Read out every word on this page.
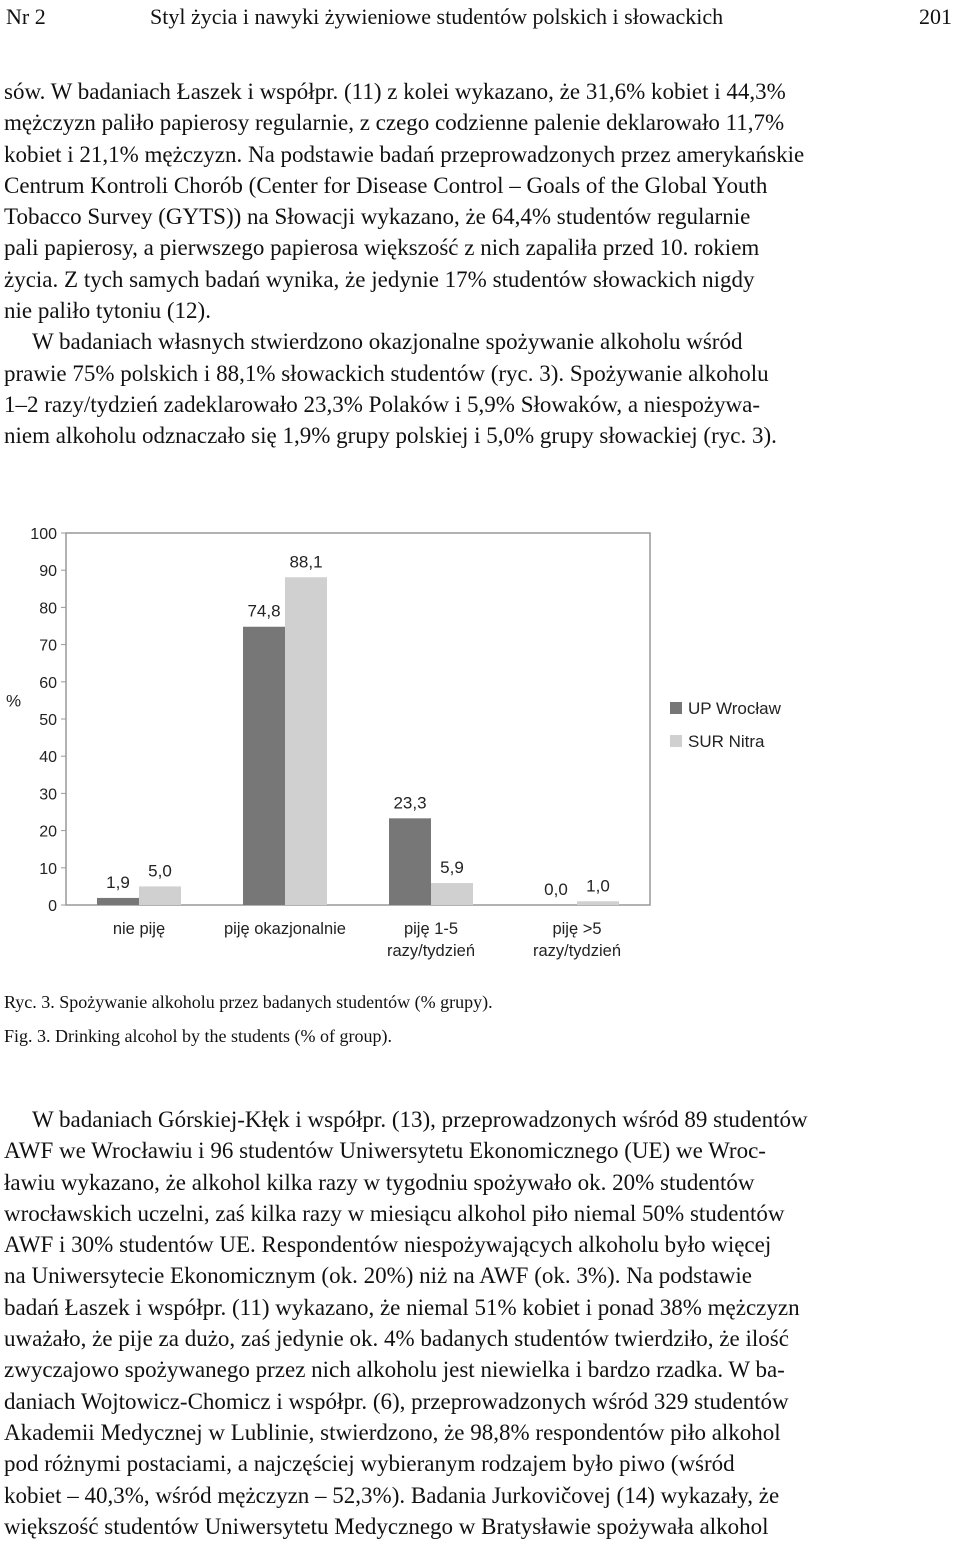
Nr 2	Styl życia i nawyki żywieniowe studentów polskich i słowackich	201
sów. W badaniach Łaszek i współpr. (11) z kolei wykazano, że 31,6% kobiet i 44,3%
mężczyzn paliło papierosy regularnie, z czego codzienne palenie deklarowało 11,7%
kobiet i 21,1% mężczyzn. Na podstawie badań przeprowadzonych przez amerykańskie
Centrum Kontroli Chorób (Center for Disease Control – Goals of the Global Youth
Tobacco Survey (GYTS)) na Słowacji wykazano, że 64,4% studentów regularnie
pali papierosy, a pierwszego papierosa większość z nich zapaliła przed 10. rokiem
życia. Z tych samych badań wynika, że jedynie 17% studentów słowackich nigdy
nie paliło tytoniu (12).
W badaniach własnych stwierdzono okazjonalne spożywanie alkoholu wśród
prawie 75% polskich i 88,1% słowackich studentów (ryc. 3). Spożywanie alkoholu
1–2 razy/tydzień zadeklarowało 23,3% Polaków i 5,9% Słowaków, a niespożywa-
niem alkoholu odznaczało się 1,9% grupy polskiej i 5,0% grupy słowackiej (ryc. 3).
0
10
20
30
40
50
60
70
80
90
100
%
1,9
5,0
nie piję
74,8
88,1
piję okazjonalnie
23,3
5,9
piję 1-5
razy/tydzień
0,0 1,0
piję >5
razy/tydzień
UP Wrocław
SUR Nitra
Ryc. 3. Spożywanie alkoholu przez badanych studentów (% grupy).
Fig. 3. Drinking alcohol by the students (% of group).
W badaniach Górskiej-Kłęk i współpr. (13), przeprowadzonych wśród 89 studentów
AWF we Wrocławiu i 96 studentów Uniwersytetu Ekonomicznego (UE) we Wroc-
ławiu wykazano, że alkohol kilka razy w tygodniu spożywało ok. 20% studentów
wrocławskich uczelni, zaś kilka razy w miesiącu alkohol piło niemal 50% studentów
AWF i 30% studentów UE. Respondentów niespożywających alkoholu było więcej
na Uniwersytecie Ekonomicznym (ok. 20%) niż na AWF (ok. 3%). Na podstawie
badań Łaszek i współpr. (11) wykazano, że niemal 51% kobiet i ponad 38% mężczyzn
uważało, że pije za dużo, zaś jedynie ok. 4% badanych studentów twierdziło, że ilość
zwyczajowo spożywanego przez nich alkoholu jest niewielka i bardzo rzadka. W ba-
daniach Wojtowicz-Chomicz i współpr. (6), przeprowadzonych wśród 329 studentów
Akademii Medycznej w Lublinie, stwierdzono, że 98,8% respondentów piło alkohol
pod różnymi postaciami, a najczęściej wybieranym rodzajem było piwo (wśród
kobiet – 40,3%, wśród mężczyzn – 52,3%). Badania Jurkovičovej (14) wykazały, że
większość studentów Uniwersytetu Medycznego w Bratysławie spożywała alkohol
